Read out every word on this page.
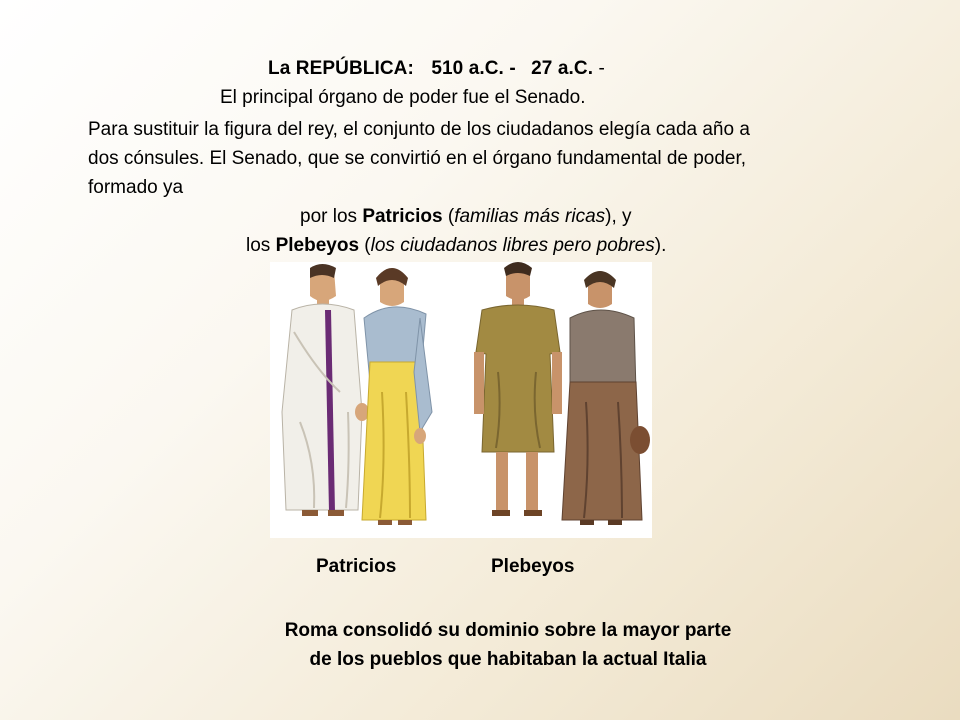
La REPÚBLICA: 510 a.C. - 27 a.C. -
El principal órgano de poder fue el Senado.
Para sustituir la figura del rey, el conjunto de los ciudadanos elegía cada año a
dos cónsules. El Senado, que se convirtió en el órgano fundamental de poder,
formado ya
por los Patricios (familias más ricas), y
los Plebeyos (los ciudadanos libres pero pobres).
Patricios	Plebeyos
Roma consolidó su dominio sobre la mayor parte
de los pueblos que habitaban la actual Italia
